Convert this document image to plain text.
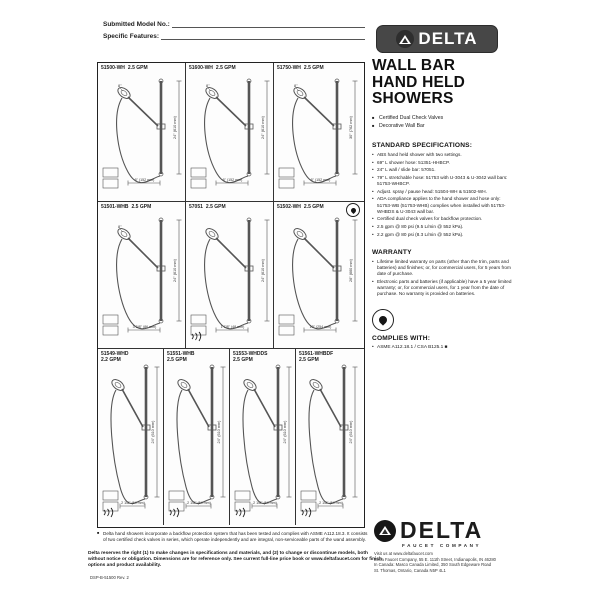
Submitted Model No.:
Specific Features:	DELTA
WALL BAR
HAND HELD
SHOWERS
■ Certified Dual Check Valves
■ Decorative Wall Bar
STANDARD SPECIFICATIONS:
• ABS hand held shower with two settings.
• 69" L shower hose: 51351-HHBCP.
• 24" L wall / slide bar: 57051.
• 79" L stretchable hose: 51753 with U-3043 & U-3042 wall bars: 51753-WHBCP.
• Adjust. spray / pause head: 51504-WH & 51502-WH.
• ADA compliance applies to the hand shower and hose only: 51753-WB (51753-WHB) complies when installed with 51753-WHBDS & U-3043 wall bar.
• Certified dual check valves for backflow protection.
• 2.5 gpm @ 80 psi (9.5 L/min @ 552 kPa).
• 2.2 gpm @ 80 psi (8.3 L/min @ 552 kPa).
WARRANTY
• Lifetime limited warranty on parts (other than the trim, parts and batteries) and finishes; or, for commercial users, for 5 years from date of purchase.
• Electronic parts and batteries (if applicable) have a 5 year limited warranty; or, for commercial users, for 1 year from the date of purchase. No warranty is provided on batteries.
COMPLIES WITH:
• ASME A112.18.1 / CSA B125.1 ■
51500-WH 2.5 GPM
24" (610 mm)
8"
6" (152 mm)
51600-WH 2.5 GPM
24" (610 mm)
8"
6" (152 mm)
51750-WH 2.5 GPM
30" (762 mm)
8"
6" (152 mm)
51501-WHB 2.5 GPM
24" (610 mm)
8"
3 3/8" (86 mm)
57051 2.5 GPM
24" (610 mm)
1 7/8" (48 mm)
51502-WH 2.5 GPM
26" (660 mm)
10" (254 mm)
51549-WHD
2.2 GPM
24" (610 mm)
2 1/2" (64 mm)
51551-WHB
2.5 GPM
24" (610 mm)
2 1/2" (64 mm)
51553-WHDDS
2.5 GPM
24" (610 mm)
2 1/2" (64 mm)
51561-WHBDF
2.5 GPM
24" (610 mm)
2 1/2" (64 mm)
■ Delta hand showers incorporate a backflow protection system that has been tested and complies with ASME A112.18.3. It consists of two certified check valves in series, which operate independently and are integral, non-serviceable parts of the wand assembly.
Delta reserves the right (1) to make changes in specifications and materials, and (2) to change or discontinue models, both without notice or obligation. Dimensions are for reference only. See current full-line price book or www.deltafaucet.com for finish options and product availability.
DSP-B-51500 Rev. 2
DELTA
FAUCET COMPANY
Visit us at www.deltafaucet.com
Delta Faucet Company, 55 E. 111th Street, Indianapolis, IN 46280
In Canada: Masco Canada Limited, 350 South Edgeware Road
St. Thomas, Ontario, Canada N5P 4L1
